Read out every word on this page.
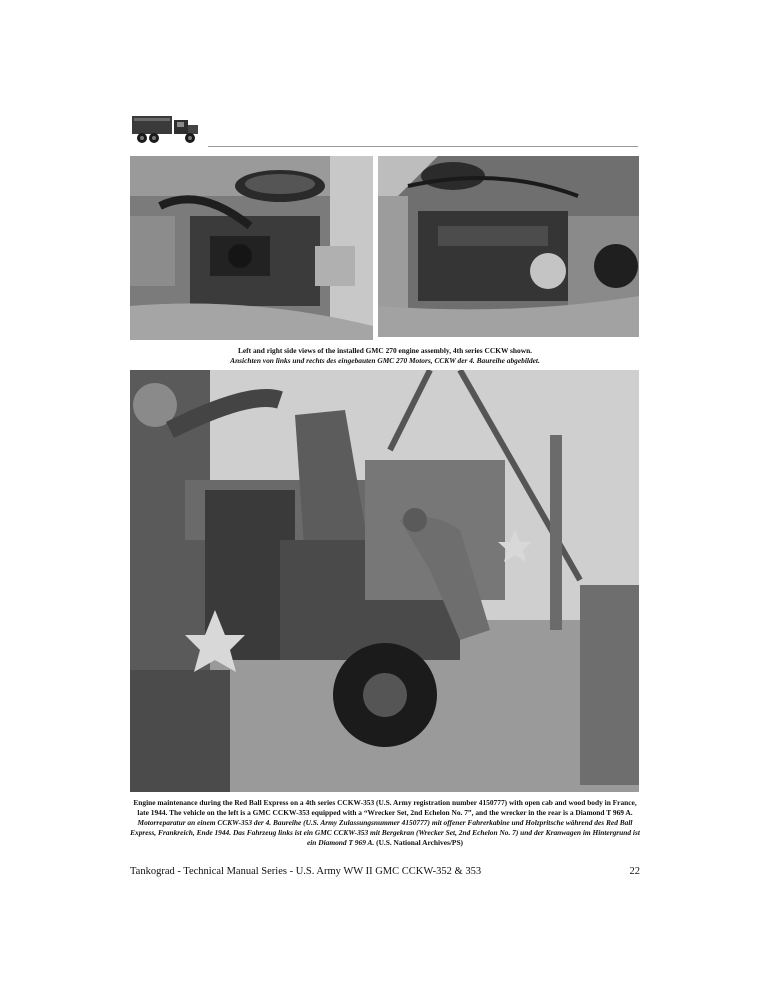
Left and right side views of the installed GMC 270 engine assembly, 4th series CCKW shown.
Ansichten von links und rechts des eingebauten GMC 270 Motors, CCKW der 4. Baureihe abgebildet.
Engine maintenance during the Red Ball Express on a 4th series CCKW-353 (U.S. Army registration number 4150777) with open cab and wood body in France, late 1944. The vehicle on the left is a GMC CCKW-353 equipped with a “Wrecker Set, 2nd Echelon No. 7”, and the wrecker in the rear is a Diamond T 969 A.
Motorreparatur an einem CCKW-353 der 4. Baureihe (U.S. Army Zulassungsnummer 4150777) mit offener Fahrerkabine und Holzpritsche während des Red Ball Express, Frankreich, Ende 1944. Das Fahrzeug links ist ein GMC CCKW-353 mit Bergekran (Wrecker Set, 2nd Echelon No. 7) und der Kranwagen im Hintergrund ist ein Diamond T 969 A. (U.S. National Archives/PS)
Tankograd - Technical Manual Series - U.S. Army WW II GMC CCKW-352 & 353	22
